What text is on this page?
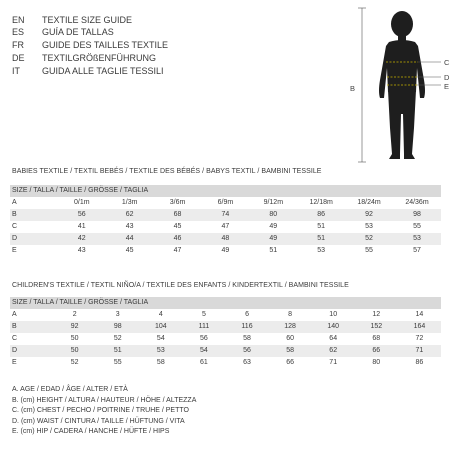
EN TEXTILE SIZE GUIDE
ES GUÍA DE TALLAS
FR GUIDE DES TAILLES TEXTILE
DE TEXTILGRÖßENFÜHRUNG
IT GUIDA ALLE TAGLIE TESSILI
B
C
D
E
BABIES TEXTILE / TEXTIL BEBÉS / TEXTILE DES BÉBÉS / BABYS TEXTIL / BAMBINI TESSILE
SIZE / TALLA / TAILLE / GRÖSSE / TAGLIA								
A	0/1m	1/3m	3/6m	6/9m	9/12m	12/18m	18/24m	24/36m
B	56	62	68	74	80	86	92	98
C	41	43	45	47	49	51	53	55
D	42	44	46	48	49	51	52	53
E	43	45	47	49	51	53	55	57
CHILDREN'S TEXTILE / TEXTIL NIÑO/A / TEXTILE DES ENFANTS / KINDERTEXTIL / BAMBINI TESSILE
SIZE / TALLA / TAILLE / GRÖSSE / TAGLIA									
A	2	3	4	5	6	8	10	12	14
B	92	98	104	111	116	128	140	152	164
C	50	52	54	56	58	60	64	68	72
D	50	51	53	54	56	58	62	66	71
E	52	55	58	61	63	66	71	80	86
A. AGE / EDAD / ÂGE / ALTER / ETÀ
B. (cm) HEIGHT / ALTURA / HAUTEUR / HÖHE / ALTEZZA
C. (cm) CHEST / PECHO / POITRINE / TRUHE / PETTO
D. (cm) WAIST / CINTURA / TAILLE / HÜFTUNG / VITA
E. (cm) HIP / CADERA / HANCHE / HÜFTE / HIPS
